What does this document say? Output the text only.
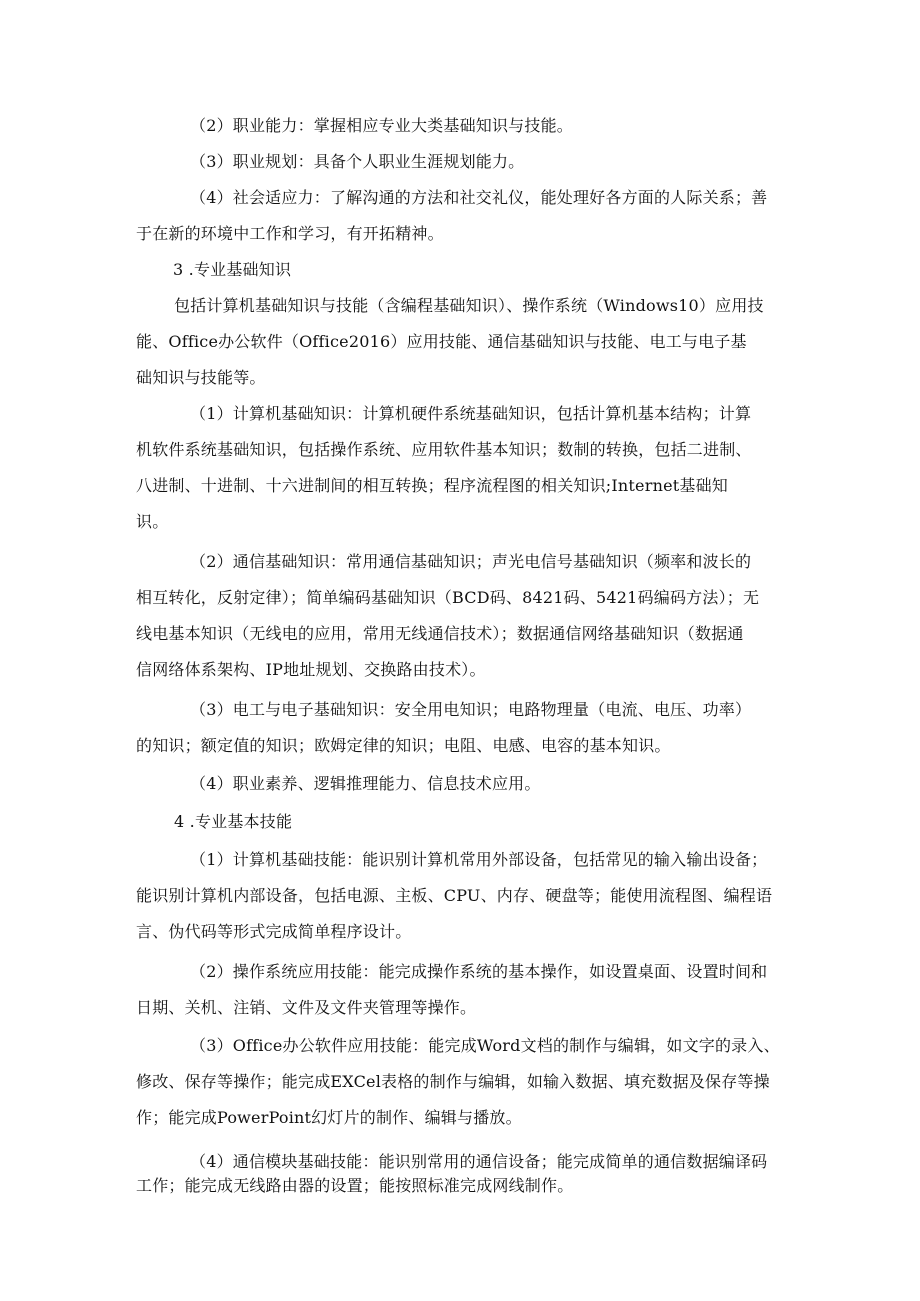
（2）职业能力：掌握相应专业大类基础知识与技能。
（3）职业规划：具备个人职业生涯规划能力。
（4）社会适应力：了解沟通的方法和社交礼仪，能处理好各方面的人际关系；善
于在新的环境中工作和学习，有开拓精神。
3 .专业基础知识
包括计算机基础知识与技能（含编程基础知识）、操作系统（Windows10）应用技
能、Office办公软件（Office2016）应用技能、通信基础知识与技能、电工与电子基
础知识与技能等。
（1）计算机基础知识：计算机硬件系统基础知识，包括计算机基本结构；计算
机软件系统基础知识，包括操作系统、应用软件基本知识；数制的转换，包括二进制、
八进制、十进制、十六进制间的相互转换；程序流程图的相关知识;Internet基础知
识。
（2）通信基础知识：常用通信基础知识；声光电信号基础知识（频率和波长的
相互转化，反射定律）；简单编码基础知识（BCD码、8421码、5421码编码方法）；无
线电基本知识（无线电的应用，常用无线通信技术）；数据通信网络基础知识（数据通
信网络体系架构、IP地址规划、交换路由技术）。
（3）电工与电子基础知识：安全用电知识；电路物理量（电流、电压、功率）
的知识；额定值的知识；欧姆定律的知识；电阻、电感、电容的基本知识。
（4）职业素养、逻辑推理能力、信息技术应用。
4 .专业基本技能
（1）计算机基础技能：能识别计算机常用外部设备，包括常见的输入输出设备；
能识别计算机内部设备，包括电源、主板、CPU、内存、硬盘等；能使用流程图、编程语
言、伪代码等形式完成简单程序设计。
（2）操作系统应用技能：能完成操作系统的基本操作，如设置桌面、设置时间和
日期、关机、注销、文件及文件夹管理等操作。
（3）Office办公软件应用技能：能完成Word文档的制作与编辑，如文字的录入、
修改、保存等操作；能完成EXCel表格的制作与编辑，如输入数据、填充数据及保存等操
作；能完成PowerPoint幻灯片的制作、编辑与播放。
（4）通信模块基础技能：能识别常用的通信设备；能完成简单的通信数据编译码
工作；能完成无线路由器的设置；能按照标准完成网线制作。
